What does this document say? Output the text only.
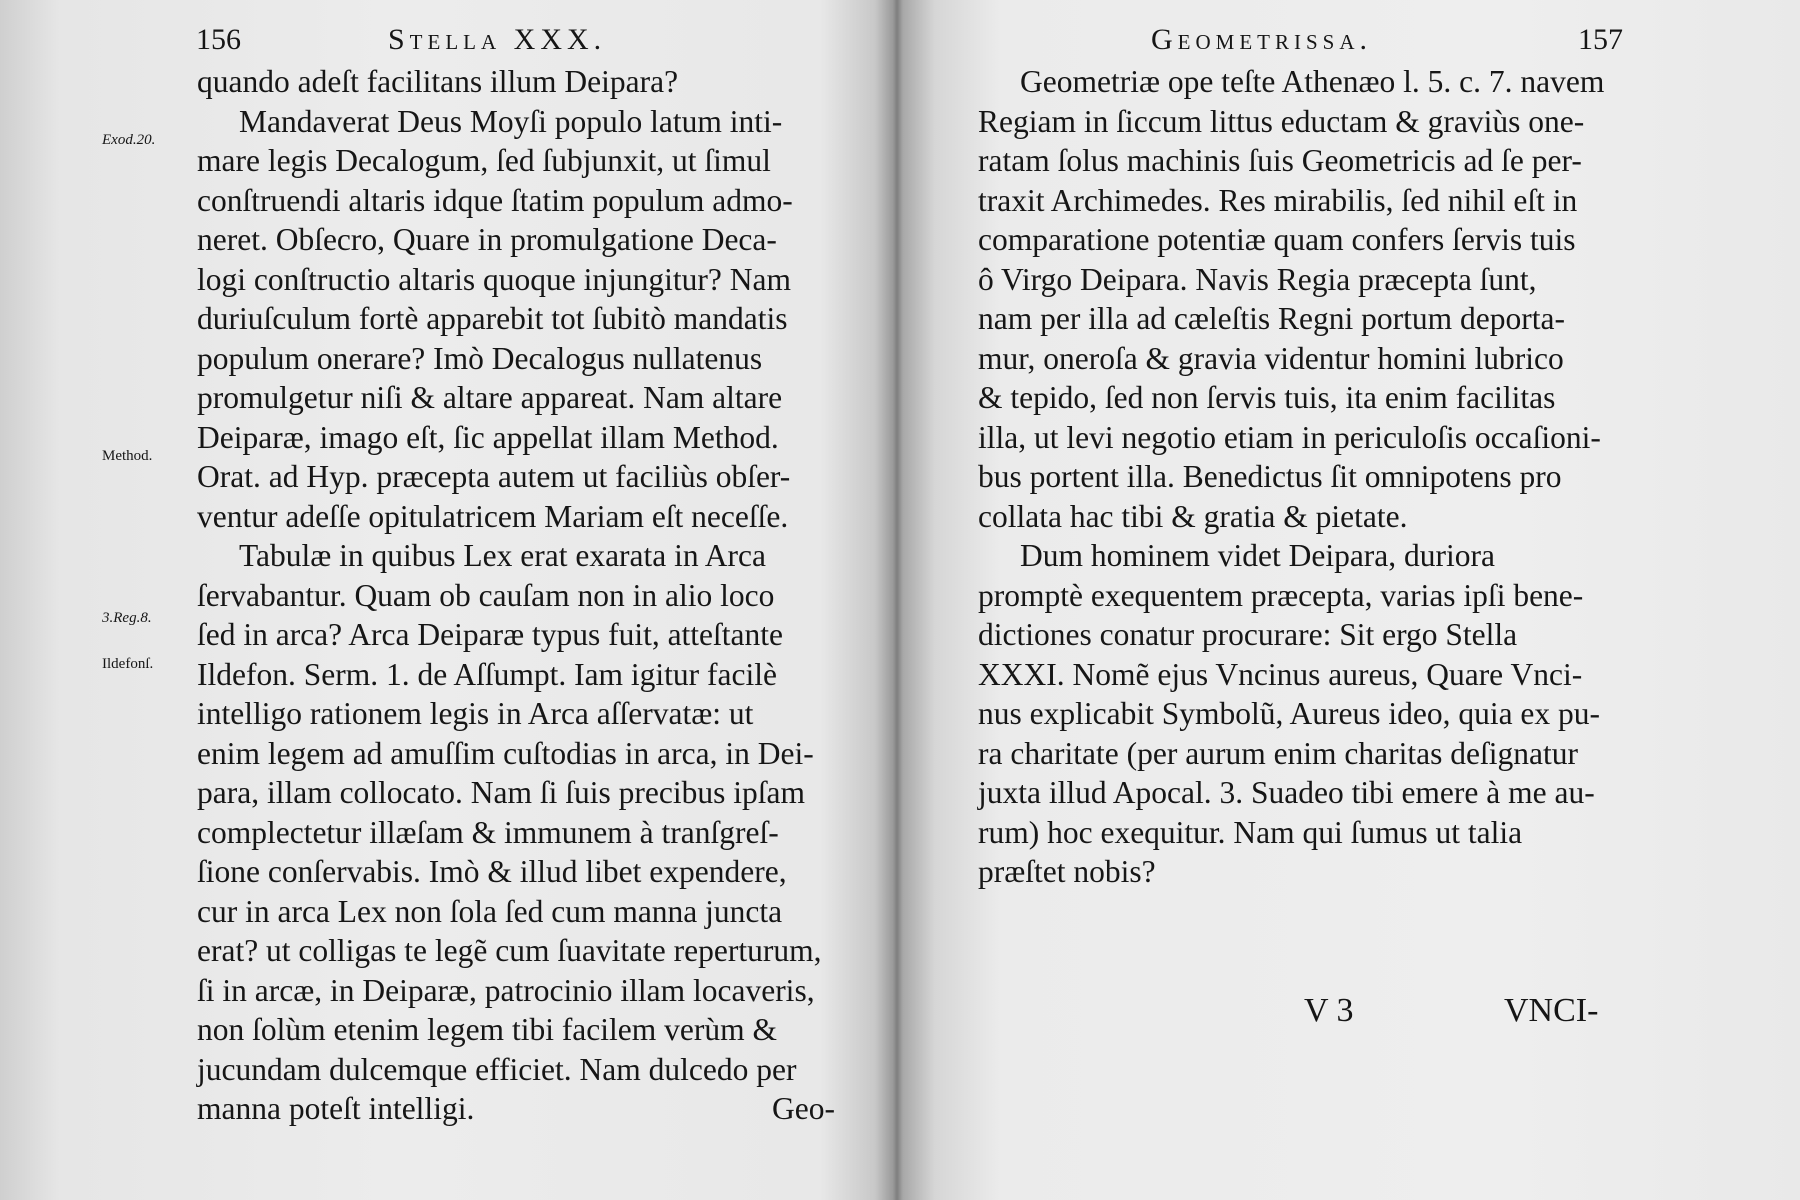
156	Stella XXX.
Exod.20.
Method.
3.Reg.8.
Ildefonſ.
quando adeſt facilitans illum Deipara?
Mandaverat Deus Moyſi populo latum inti-
mare legis Decalogum, ſed ſubjunxit, ut ſimul
conſtruendi altaris idque ſtatim populum admo-
neret. Obſecro, Quare in promulgatione Deca-
logi conſtructio altaris quoque injungitur? Nam
duriuſculum fortè apparebit tot ſubitò mandatis
populum onerare? Imò Decalogus nullatenus
promulgetur niſi & altare appareat. Nam altare
Deiparæ, imago eſt, ſic appellat illam Method.
Orat. ad Hyp. præcepta autem ut faciliùs obſer-
ventur adeſſe opitulatricem Mariam eſt neceſſe.
Tabulæ in quibus Lex erat exarata in Arca
ſervabantur. Quam ob cauſam non in alio loco
ſed in arca? Arca Deiparæ typus fuit, atteſtante
Ildefon. Serm. 1. de Aſſumpt. Iam igitur facilè
intelligo rationem legis in Arca aſſervatæ: ut
enim legem ad amuſſim cuſtodias in arca, in Dei-
para, illam collocato. Nam ſi ſuis precibus ipſam
complectetur illæſam & immunem à tranſgreſ-
ſione conſervabis. Imò & illud libet expendere,
cur in arca Lex non ſola ſed cum manna juncta
erat? ut colligas te legẽ cum ſuavitate reperturum,
ſi in arcæ, in Deiparæ, patrocinio illam locaveris,
non ſolùm etenim legem tibi facilem verùm &
jucundam dulcemque efficiet. Nam dulcedo per
manna poteſt intelligi.	Geo-
Geometrissa.	157
Geometriæ ope teſte Athenæo l. 5. c. 7. navem
Regiam in ſiccum littus eductam & graviùs one-
ratam ſolus machinis ſuis Geometricis ad ſe per-
traxit Archimedes. Res mirabilis, ſed nihil eſt in
comparatione potentiæ quam confers ſervis tuis
ô Virgo Deipara. Navis Regia præcepta ſunt,
nam per illa ad cæleſtis Regni portum deporta-
mur, oneroſa & gravia videntur homini lubrico
& tepido, ſed non ſervis tuis, ita enim facilitas
illa, ut levi negotio etiam in periculoſis occaſioni-
bus portent illa. Benedictus ſit omnipotens pro
collata hac tibi & gratia & pietate.
Dum hominem videt Deipara, duriora
promptè exequentem præcepta, varias ipſi bene-
dictiones conatur procurare: Sit ergo Stella
XXXI. Nomẽ ejus Vncinus aureus, Quare Vnci-
nus explicabit Symbolũ, Aureus ideo, quia ex pu-
ra charitate (per aurum enim charitas deſignatur
juxta illud Apocal. 3. Suadeo tibi emere à me au-
rum) hoc exequitur. Nam qui ſumus ut talia
præſtet nobis?
V 3	VNCI-
